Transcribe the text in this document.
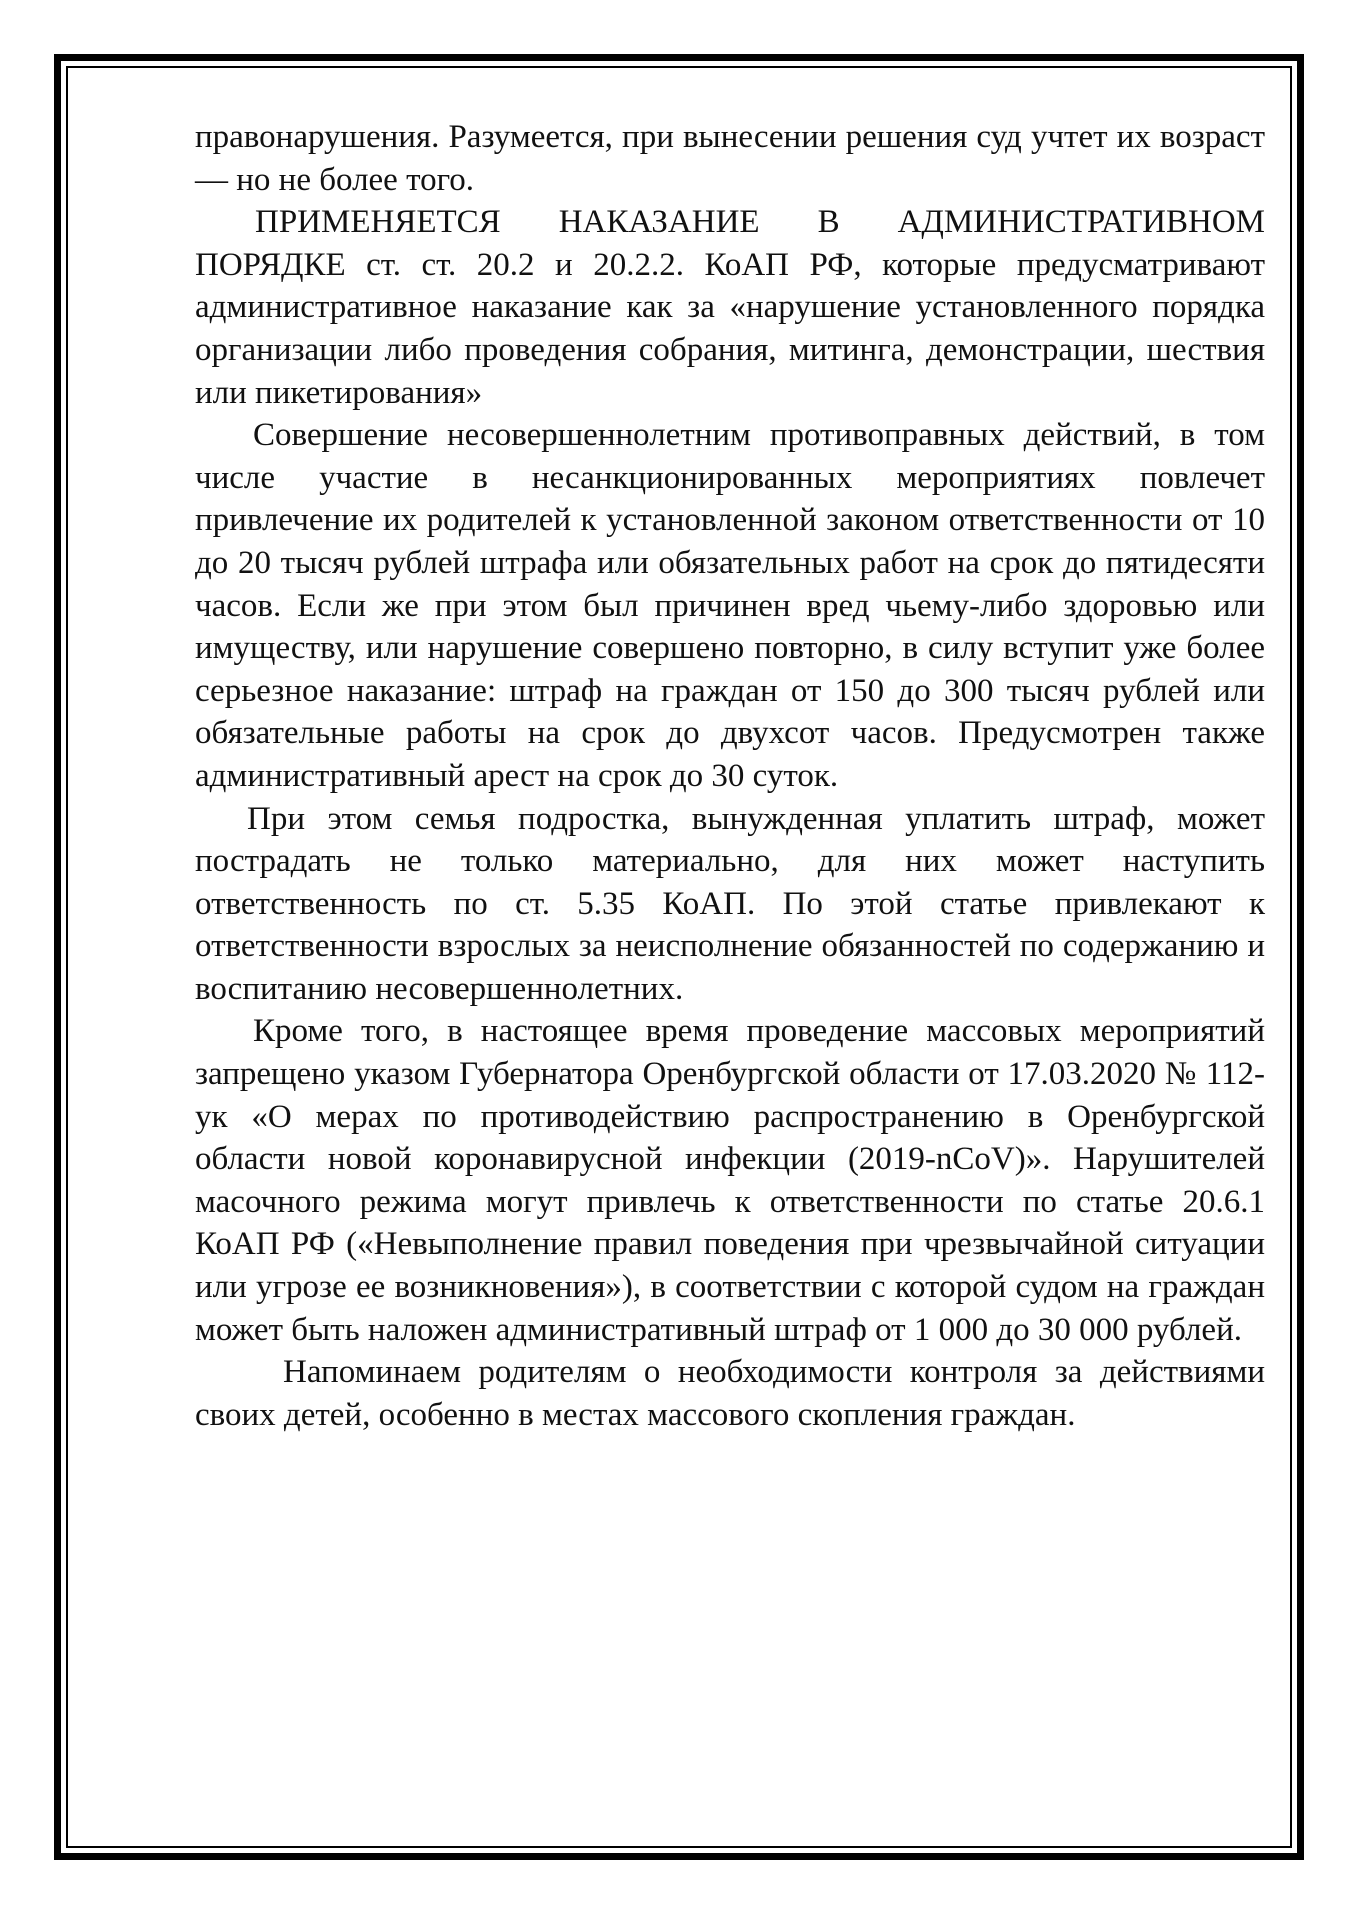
правонарушения. Разумеется, при вынесении решения суд учтет их возраст — но не более того.

ПРИМЕНЯЕТСЯ НАКАЗАНИЕ В АДМИНИСТРАТИВНОМ ПОРЯДКЕ ст. ст. 20.2 и 20.2.2. КоАП РФ, которые предусматривают административное наказание как за «нарушение установленного порядка организации либо проведения собрания, митинга, демонстрации, шествия или пикетирования»

Совершение несовершеннолетним противоправных действий, в том числе участие в несанкционированных мероприятиях повлечет привлечение их родителей к установленной законом ответственности от 10 до 20 тысяч рублей штрафа или обязательных работ на срок до пятидесяти часов. Если же при этом был причинен вред чьему-либо здоровью или имуществу, или нарушение совершено повторно, в силу вступит уже более серьезное наказание: штраф на граждан от 150 до 300 тысяч рублей или обязательные работы на срок до двухсот часов. Предусмотрен также административный арест на срок до 30 суток.

При этом семья подростка, вынужденная уплатить штраф, может пострадать не только материально, для них может наступить ответственность по ст. 5.35 КоАП. По этой статье привлекают к ответственности взрослых за неисполнение обязанностей по содержанию и воспитанию несовершеннолетних.

Кроме того, в настоящее время проведение массовых мероприятий запрещено указом Губернатора Оренбургской области от 17.03.2020 № 112-ук «О мерах по противодействию распространению в Оренбургской области новой коронавирусной инфекции (2019-nCoV)». Нарушителей масочного режима могут привлечь к ответственности по статье 20.6.1 КоАП РФ («Невыполнение правил поведения при чрезвычайной ситуации или угрозе ее возникновения»), в соответствии с которой судом на граждан может быть наложен административный штраф от 1 000 до 30 000 рублей.

Напоминаем родителям о необходимости контроля за действиями своих детей, особенно в местах массового скопления граждан.
